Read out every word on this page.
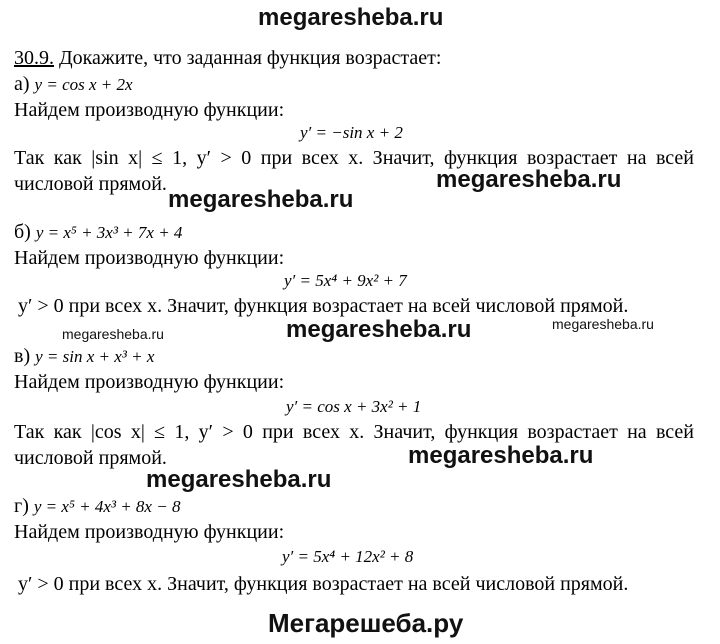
megaresheba.ru
30.9. Докажите, что заданная функция возрастает:
а) y = cos x + 2x
Найдем производную функции:
y′ = −sin x + 2
Так как |sin x| ≤ 1, y′ > 0 при всех х. Значит, функция возрастает на всей
числовой прямой.
megaresheba.ru
megaresheba.ru
б) y = x⁵ + 3x³ + 7x + 4
Найдем производную функции:
y′ = 5x⁴ + 9x² + 7
y′ > 0 при всех х. Значит, функция возрастает на всей числовой прямой.
megaresheba.ru	megaresheba.ru	megaresheba.ru
в) y = sin x + x³ + x
Найдем производную функции:
y′ = cos x + 3x² + 1
Так как |cos x| ≤ 1, y′ > 0 при всех х. Значит, функция возрастает на всей
числовой прямой.
megaresheba.ru
megaresheba.ru
г) y = x⁵ + 4x³ + 8x − 8
Найдем производную функции:
y′ = 5x⁴ + 12x² + 8
y′ > 0 при всех х. Значит, функция возрастает на всей числовой прямой.
Мегарешеба.ру
